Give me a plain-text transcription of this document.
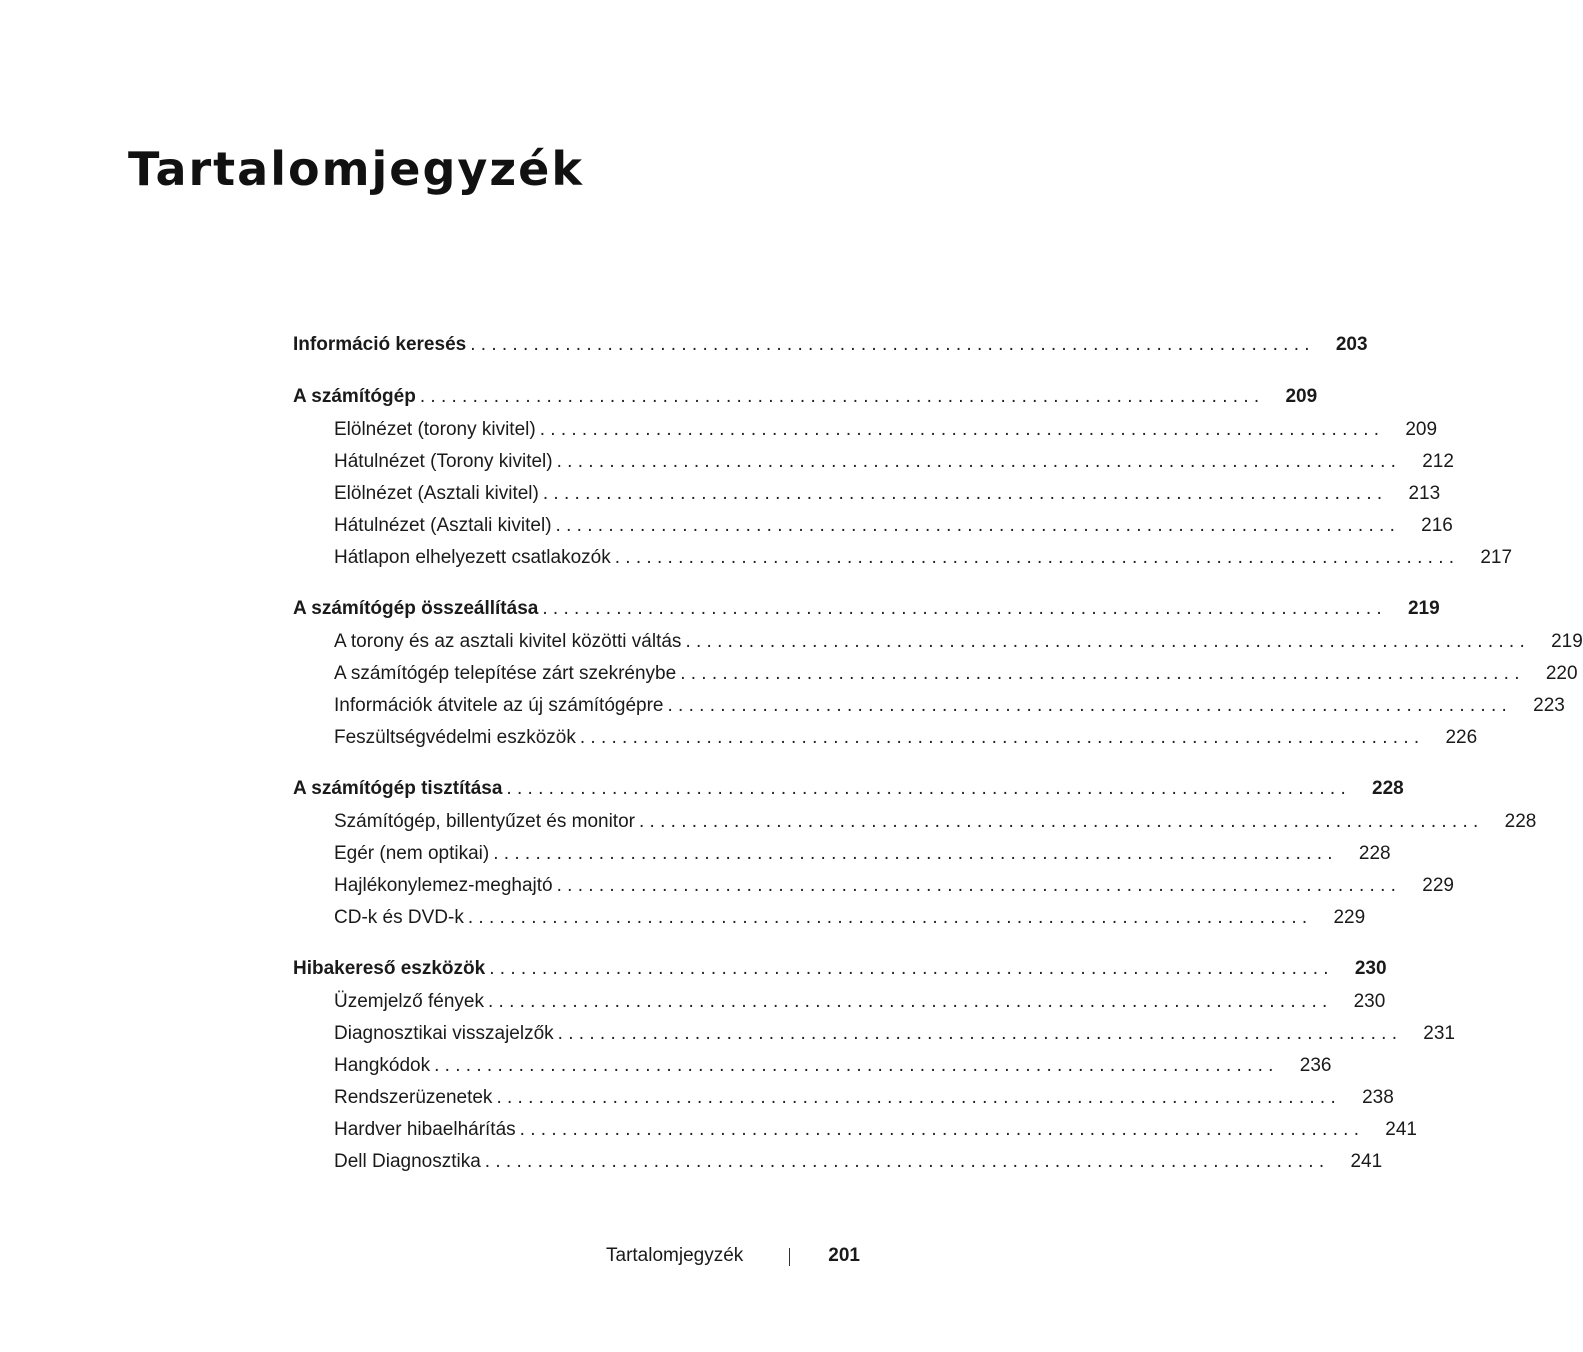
Tartalomjegyzék
Információ keresés . . . . . . . . . . . . . . . . . . . . . . . . . . . . . . . . . . . . . . . . . . . . . . . . . . . . . . . . . . . . . . . . . . . . . . . . . . . . . . . .	203
A számítógép . . . . . . . . . . . . . . . . . . . . . . . . . . . . . . . . . . . . . . . . . . . . . . . . . . . . . . . . . . . . . . . . . . . . . . . . . . . . . . . .	209
Elölnézet (torony kivitel) . . . . . . . . . . . . . . . . . . . . . . . . . . . . . . . . . . . . . . . . . . . . . . . . . . . . . . . . . . . . . . . . . . . . . . . . . . . . . . . .	209
Hátulnézet (Torony kivitel) . . . . . . . . . . . . . . . . . . . . . . . . . . . . . . . . . . . . . . . . . . . . . . . . . . . . . . . . . . . . . . . . . . . . . . . . . . . . . . . .	212
Elölnézet (Asztali kivitel) . . . . . . . . . . . . . . . . . . . . . . . . . . . . . . . . . . . . . . . . . . . . . . . . . . . . . . . . . . . . . . . . . . . . . . . . . . . . . . . .	213
Hátulnézet (Asztali kivitel) . . . . . . . . . . . . . . . . . . . . . . . . . . . . . . . . . . . . . . . . . . . . . . . . . . . . . . . . . . . . . . . . . . . . . . . . . . . . . . . .	216
Hátlapon elhelyezett csatlakozók . . . . . . . . . . . . . . . . . . . . . . . . . . . . . . . . . . . . . . . . . . . . . . . . . . . . . . . . . . . . . . . . . . . . . . . . . . . . . . . .	217
A számítógép összeállítása . . . . . . . . . . . . . . . . . . . . . . . . . . . . . . . . . . . . . . . . . . . . . . . . . . . . . . . . . . . . . . . . . . . . . . . . . . . . . . . .	219
A torony és az asztali kivitel közötti váltás . . . . . . . . . . . . . . . . . . . . . . . . . . . . . . . . . . . . . . . . . . . . . . . . . . . . . . . . . . . . . . . . . . . . . . . . . . . . . . . .	219
A számítógép telepítése zárt szekrénybe . . . . . . . . . . . . . . . . . . . . . . . . . . . . . . . . . . . . . . . . . . . . . . . . . . . . . . . . . . . . . . . . . . . . . . . . . . . . . . . .	220
Információk átvitele az új számítógépre . . . . . . . . . . . . . . . . . . . . . . . . . . . . . . . . . . . . . . . . . . . . . . . . . . . . . . . . . . . . . . . . . . . . . . . . . . . . . . . .	223
Feszültségvédelmi eszközök . . . . . . . . . . . . . . . . . . . . . . . . . . . . . . . . . . . . . . . . . . . . . . . . . . . . . . . . . . . . . . . . . . . . . . . . . . . . . . . .	226
A számítógép tisztítása . . . . . . . . . . . . . . . . . . . . . . . . . . . . . . . . . . . . . . . . . . . . . . . . . . . . . . . . . . . . . . . . . . . . . . . . . . . . . . . .	228
Számítógép, billentyűzet és monitor . . . . . . . . . . . . . . . . . . . . . . . . . . . . . . . . . . . . . . . . . . . . . . . . . . . . . . . . . . . . . . . . . . . . . . . . . . . . . . . .	228
Egér (nem optikai) . . . . . . . . . . . . . . . . . . . . . . . . . . . . . . . . . . . . . . . . . . . . . . . . . . . . . . . . . . . . . . . . . . . . . . . . . . . . . . . .	228
Hajlékonylemez-meghajtó . . . . . . . . . . . . . . . . . . . . . . . . . . . . . . . . . . . . . . . . . . . . . . . . . . . . . . . . . . . . . . . . . . . . . . . . . . . . . . . .	229
CD-k és DVD-k . . . . . . . . . . . . . . . . . . . . . . . . . . . . . . . . . . . . . . . . . . . . . . . . . . . . . . . . . . . . . . . . . . . . . . . . . . . . . . . .	229
Hibakereső eszközök . . . . . . . . . . . . . . . . . . . . . . . . . . . . . . . . . . . . . . . . . . . . . . . . . . . . . . . . . . . . . . . . . . . . . . . . . . . . . . . .	230
Üzemjelző fények . . . . . . . . . . . . . . . . . . . . . . . . . . . . . . . . . . . . . . . . . . . . . . . . . . . . . . . . . . . . . . . . . . . . . . . . . . . . . . . .	230
Diagnosztikai visszajelzők . . . . . . . . . . . . . . . . . . . . . . . . . . . . . . . . . . . . . . . . . . . . . . . . . . . . . . . . . . . . . . . . . . . . . . . . . . . . . . . .	231
Hangkódok . . . . . . . . . . . . . . . . . . . . . . . . . . . . . . . . . . . . . . . . . . . . . . . . . . . . . . . . . . . . . . . . . . . . . . . . . . . . . . . .	236
Rendszerüzenetek . . . . . . . . . . . . . . . . . . . . . . . . . . . . . . . . . . . . . . . . . . . . . . . . . . . . . . . . . . . . . . . . . . . . . . . . . . . . . . . .	238
Hardver hibaelhárítás . . . . . . . . . . . . . . . . . . . . . . . . . . . . . . . . . . . . . . . . . . . . . . . . . . . . . . . . . . . . . . . . . . . . . . . . . . . . . . . .	241
Dell Diagnosztika . . . . . . . . . . . . . . . . . . . . . . . . . . . . . . . . . . . . . . . . . . . . . . . . . . . . . . . . . . . . . . . . . . . . . . . . . . . . . . . .	241
Tartalomjegyzék	201
